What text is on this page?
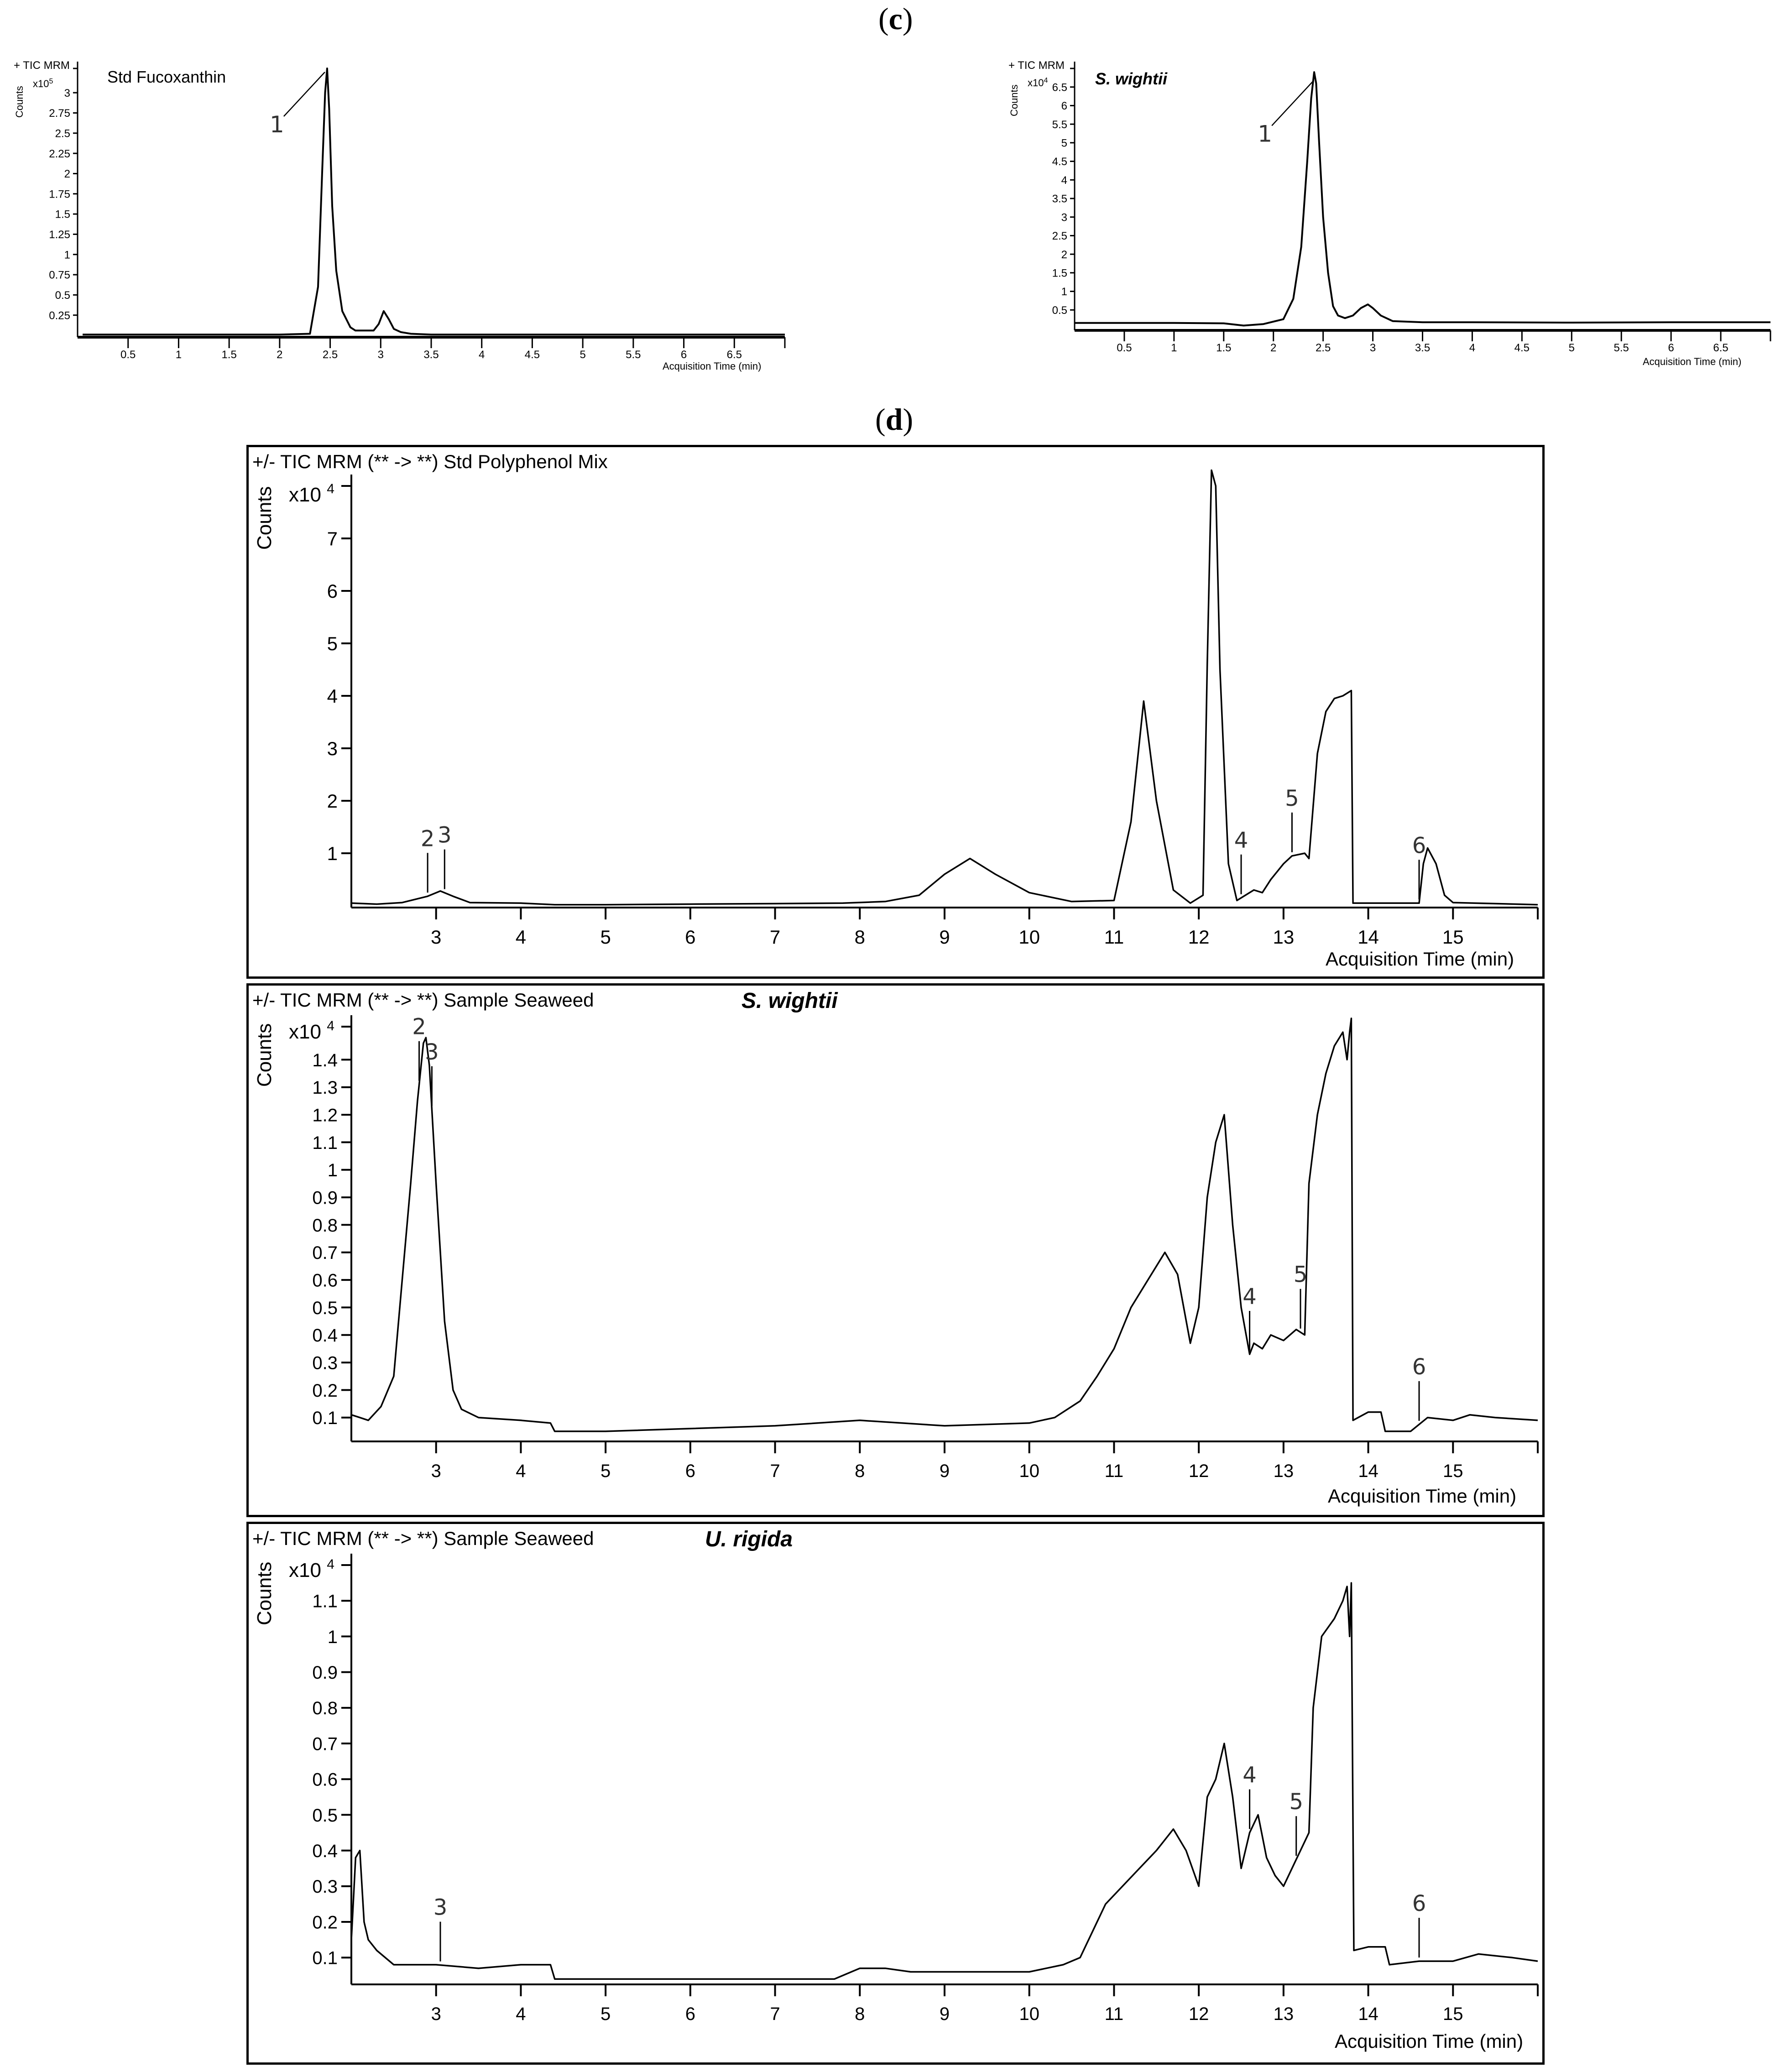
(c)
(d)
+ TIC MRM
Std Fucoxanthin
Counts
$x10^5$
Acquisition Time (min)
+ TIC MRM
S. wightii
Counts
$x10^4$
Acquisition Time (min)
+/- TIC MRM (** -> **) Std Polyphenol Mix
Counts x10 $^4$
Acquisition Time (min)
+/- TIC MRM (** -> **) Sample Seaweed	S. wightii
Counts x10 $^4$
Acquisition Time (min)
+/- TIC MRM (** -> **) Sample Seaweed	U. rigida
Counts x10 $^4$
Acquisition Time (min)
0.5	1	1.5	2	2.5	3	3.5	4	4.5	5	5.5	6	6.5
0.25
0.5
0.75
1
1.25
1.5
1.75
2
2.25
2.5
2.75
3
1
0.5	1	1.5	2	2.5	3	3.5	4	4.5	5	5.5	6	6.5
0.5
1
1.5
2
2.5
3
3.5
4
4.5
5
5.5
6
6.5
1
3	4	5	6	7	8	9	10	11	12	13	14	15
1
2
3
4
5
6
7
2 3	4
5
6
3	4	5	6	7	8	9	10	11	12	13	14	15
0.1
0.2
0.3
0.4
0.5
0.6
0.7
0.8
0.9
1
1.1
1.2
1.3
1.4
2
3
4
5
6
3	4	5	6	7	8	9	10	11	12	13	14	15
0.1
0.2
0.3
0.4
0.5
0.6
0.7
0.8
0.9
1
1.1
3	6
4
5
